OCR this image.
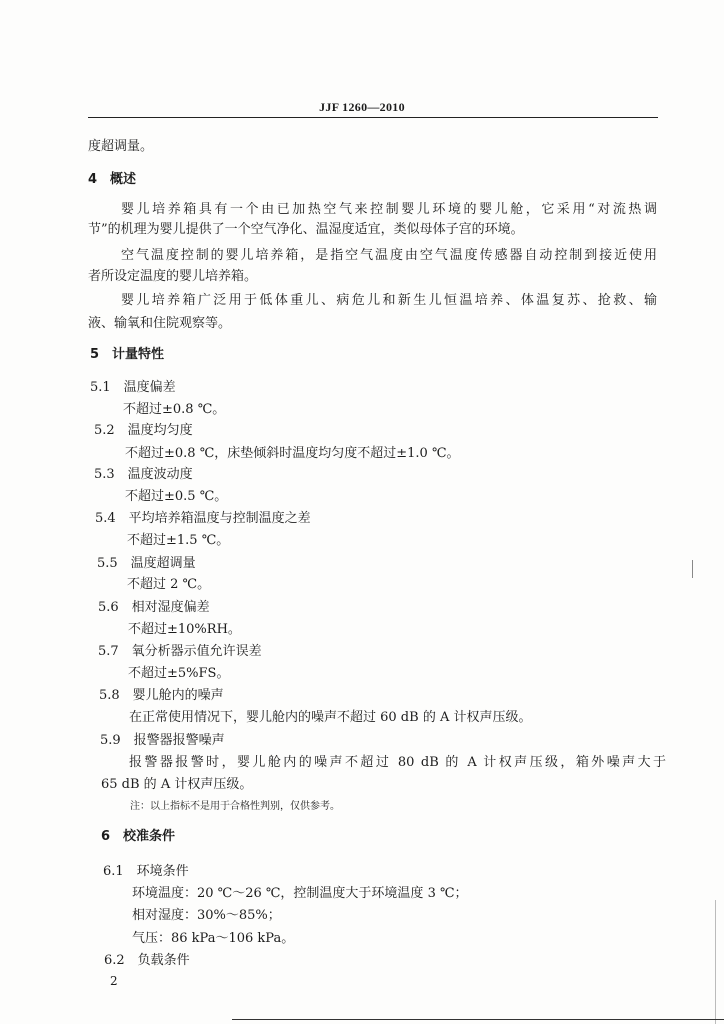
JJF 1260—2010
度超调量。
4　概述
婴儿培养箱具有一个由已加热空气来控制婴儿环境的婴儿舱，它采用“对流热调
节”的机理为婴儿提供了一个空气净化、温湿度适宜，类似母体子宫的环境。
空气温度控制的婴儿培养箱，是指空气温度由空气温度传感器自动控制到接近使用
者所设定温度的婴儿培养箱。
婴儿培养箱广泛用于低体重儿、病危儿和新生儿恒温培养、体温复苏、抢救、输
液、输氧和住院观察等。
5　计量特性
5.1　温度偏差
不超过±0.8 ℃。
5.2　温度均匀度
不超过±0.8 ℃，床垫倾斜时温度均匀度不超过±1.0 ℃。
5.3　温度波动度
不超过±0.5 ℃。
5.4　平均培养箱温度与控制温度之差
不超过±1.5 ℃。
5.5　温度超调量
不超过 2 ℃。
5.6　相对湿度偏差
不超过±10%RH。
5.7　氧分析器示值允许误差
不超过±5%FS。
5.8　婴儿舱内的噪声
在正常使用情况下，婴儿舱内的噪声不超过 60 dB 的 A 计权声压级。
5.9　报警器报警噪声
报警器报警时，婴儿舱内的噪声不超过 80 dB 的 A 计权声压级，箱外噪声大于
65 dB 的 A 计权声压级。
注：以上指标不是用于合格性判别，仅供参考。
6　校准条件
6.1　环境条件
环境温度：20 ℃～26 ℃，控制温度大于环境温度 3 ℃；
相对湿度：30%～85%；
气压：86 kPa～106 kPa。
6.2　负载条件
2
